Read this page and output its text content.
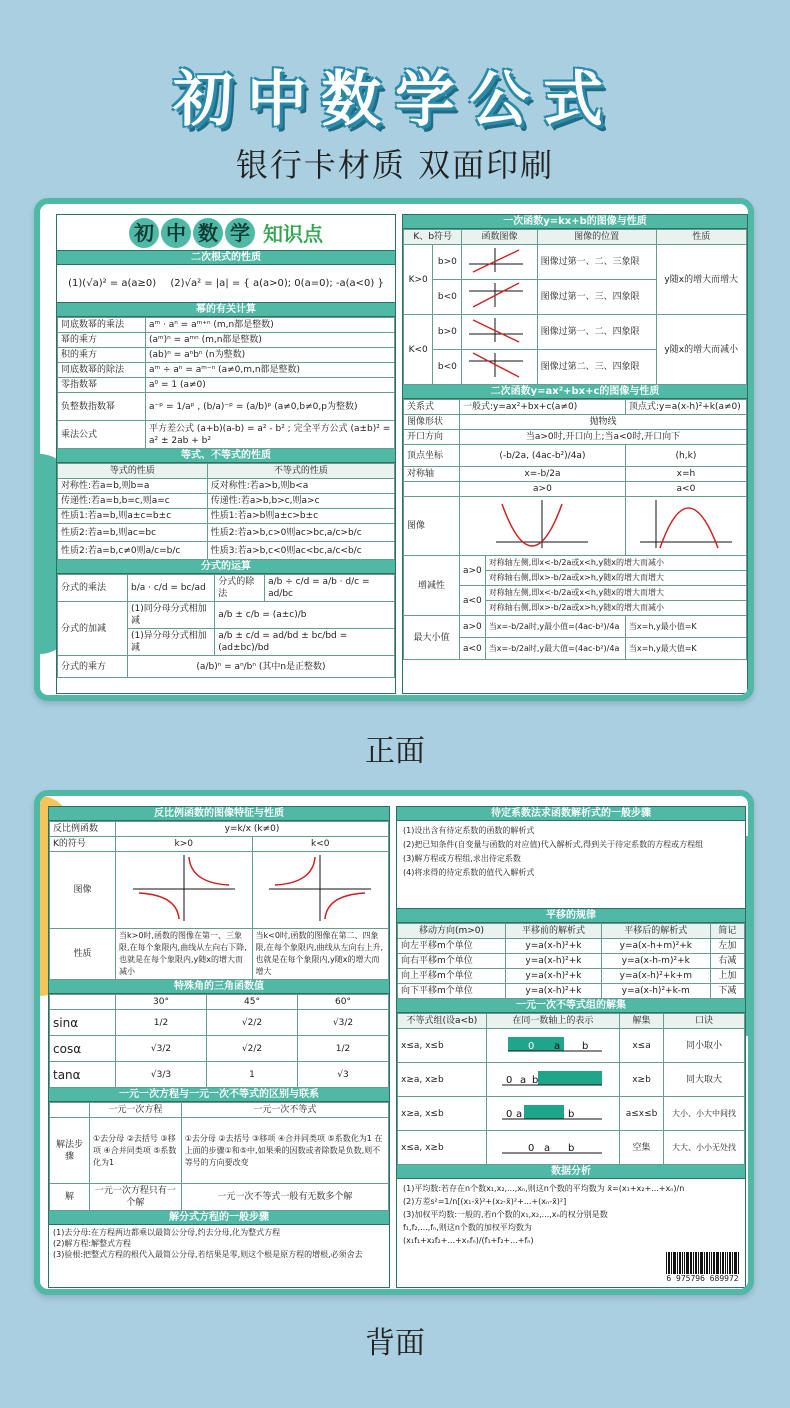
初中数学公式
银行卡材质 双面印刷
初 中 数 学 知识点
二次根式的性质
(1)(√a)² = a(a≥0)	(2)√a² = |a| = { a(a>0); 0(a=0); -a(a<0) }
幂的有关计算
同底数幂的乘法	aᵐ · aⁿ = aᵐ⁺ⁿ (m,n都是整数)
幂的乘方	(aᵐ)ⁿ = aᵐⁿ (m,n都是整数)
积的乘方	(ab)ⁿ = aⁿbⁿ (n为整数)
同底数幂的除法	aᵐ ÷ aⁿ = aᵐ⁻ⁿ (a≠0,m,n都是整数)
零指数幂	a⁰ = 1 (a≠0)
负整数指数幂	a⁻ᵖ = 1/aᵖ , (b/a)⁻ᵖ = (a/b)ᵖ (a≠0,b≠0,p为整数)
乘法公式	平方差公式 (a+b)(a-b) = a² - b² ; 完全平方公式 (a±b)² = a² ± 2ab + b²
等式、不等式的性质
等式的性质	不等式的性质
对称性:若a=b,则b=a	反对称性:若a>b,则b<a
传递性:若a=b,b=c,则a=c	传递性:若a>b,b>c,则a>c
性质1:若a=b,则a±c=b±c	性质1:若a>b则a±c>b±c
性质2:若a=b,则ac=bc	性质2:若a>b,c>0则ac>bc,a/c>b/c
性质2:若a=b,c≠0则a/c=b/c	性质3:若a>b,c<0则ac<bc,a/c<b/c
分式的运算
分式的乘法	b/a · c/d = bc/ad	分式的除法	a/b ÷ c/d = a/b · d/c = ad/bc
分式的加减	(1)同分母分式相加减	a/b ± c/b = (a±c)/b	
	(1)异分母分式相加减	a/b ± c/d = ad/bd ± bc/bd = (ad±bc)/bd	
分式的乘方	(a/b)ⁿ = aⁿ/bⁿ (其中n是正整数)		
一次函数y=kx+b的图像与性质
K、b符号		函数图像	图像的位置	性质
K>0	b>0		图像过第一、二、三象限	y随x的增大而增大
	b<0		图像过第一、三、四象限	
K<0	b>0		图像过第一、二、四象限	y随x的增大而减小
	b<0		图像过第二、三、四象限	
二次函数y=ax²+bx+c的图像与性质
关系式	一般式:y=ax²+bx+c(a≠0)		顶点式:y=a(x-h)²+k(a≠0)
图像形状	抛物线		
开口方向	当a>0时,开口向上;当a<0时,开口向下		
顶点坐标	(-b/2a, (4ac-b²)/4a)		(h,k)
对称轴	x=-b/2a		x=h
	a>0		a<0
图像		
增减性	a>0	对称轴左侧,即x<-b/2a或x<h,y随x的增大而减小	
		对称轴右侧,即x>-b/2a或x>h,y随x的增大而增大	
	a<0	对称轴左侧,即x<-b/2a或x<h,y随x的增大而增大	
		对称轴右侧,即x>-b/2a或x>h,y随x的增大而减小	
最大小值	a>0	当x=-b/2a时,y最小值=(4ac-b²)/4a	当x=h,y最小值=K
	a<0	当x=-b/2a时,y最大值=(4ac-b²)/4a	当x=h,y最大值=K
正面
反比例函数的图像特征与性质
反比例函数	y=k/x (k≠0)	
K的符号	k>0	k<0
图像		
性质	当k>0时,函数的图像在第一、三象限,在每个象限内,曲线从左向右下降,也就是在每个象限内,y随x的增大而减小	当k<0时,函数的图像在第二、四象限,在每个象限内,曲线从左向右上升,也就是在每个象限内,y随x的增大而增大
特殊角的三角函数值
	30°	45°	60°
sinα	1/2	√2/2	√3/2
cosα	√3/2	√2/2	1/2
tanα	√3/3	1	√3
一元一次方程与一元一次不等式的区别与联系
	一元一次方程	一元一次不等式
解法步骤	①去分母 ②去括号 ③移项 ④合并同类项 ⑤系数化为1	①去分母 ②去括号 ③移项 ④合并同类项 ⑤系数化为1 在上面的步骤①和⑤中,如果乘的因数或者除数是负数,则不等号的方向要改变
解	一元一次方程只有一个解	一元一次不等式一般有无数多个解
解分式方程的一般步骤
(1)去分母:在方程两边都乘以最简公分母,约去分母,化为整式方程
(2)解方程:解整式方程
(3)验根:把整式方程的根代入最简公分母,若结果是零,则这个根是原方程的增根,必须舍去
待定系数法求函数解析式的一般步骤
(1)设出含有待定系数的函数的解析式
(2)把已知条件(自变量与函数的对应值)代入解析式,得到关于待定系数的方程或方程组
(3)解方程或方程组,求出待定系数
(4)将求得的待定系数的值代入解析式
平移的规律
移动方向(m>0)	平移前的解析式	平移后的解析式	简记
向左平移m个单位	y=a(x-h)²+k	y=a(x-h+m)²+k	左加
向右平移m个单位	y=a(x-h)²+k	y=a(x-h-m)²+k	右减
向上平移m个单位	y=a(x-h)²+k	y=a(x-h)²+k+m	上加
向下平移m个单位	y=a(x-h)²+k	y=a(x-h)²+k-m	下减
一元一次不等式组的解集
不等式组(设a<b)	在同一数轴上的表示	解集	口诀
x≤a, x≤b	0 a b	x≤a	同小取小
x≥a, x≥b	0 a b	x≥b	同大取大
x≥a, x≤b	0 a b	a≤x≤b	大小、小大中间找
x≤a, x≥b	0 a b	空集	大大、小小无处找
数据分析
(1)平均数:若存在n个数x₁,x₂,...,xₙ,则这n个数的平均数为 x̄=(x₁+x₂+...+xₙ)/n
(2)方差s²=1/n[(x₁-x̄)²+(x₂-x̄)²+...+(xₙ-x̄)²]
(3)加权平均数:一般的,若n个数的x₁,x₂,...,xₙ的权分别是数f₁,f₂,...,fₙ,则这n个数的加权平均数为 (x₁f₁+x₂f₂+...+xₙfₙ)/(f₁+f₂+...+fₙ)
6 975796 689972
背面
